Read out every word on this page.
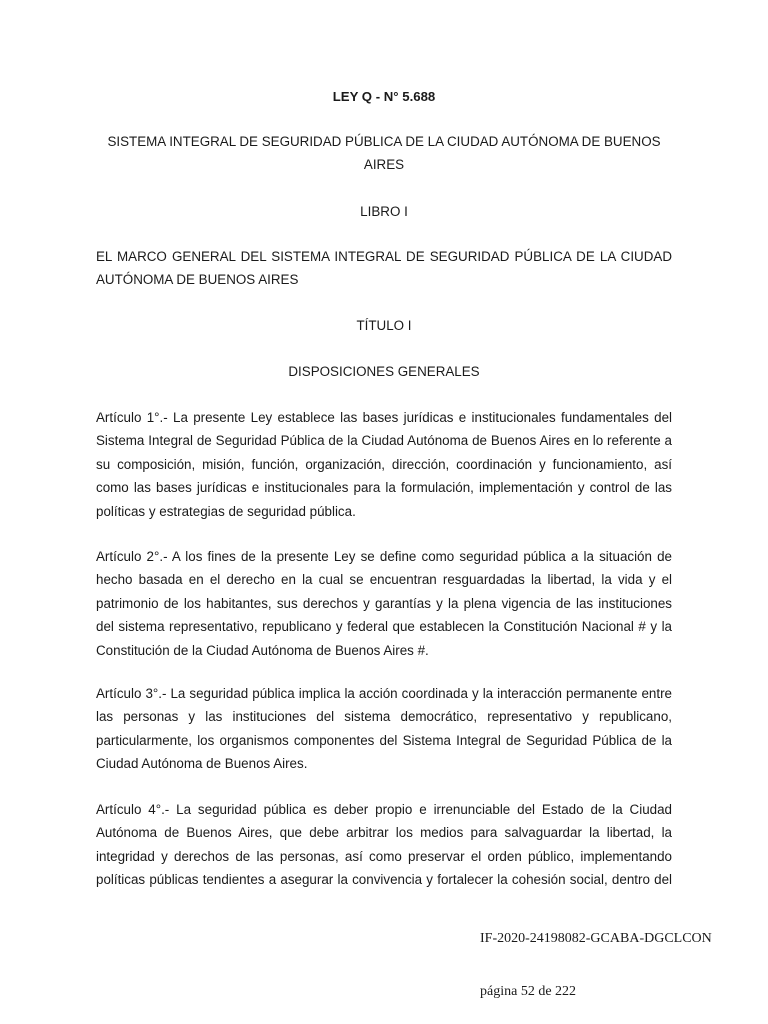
LEY Q - N° 5.688

SISTEMA INTEGRAL DE SEGURIDAD PÚBLICA DE LA CIUDAD AUTÓNOMA DE BUENOS AIRES

LIBRO I

EL MARCO GENERAL DEL SISTEMA INTEGRAL DE SEGURIDAD PÚBLICA DE LA CIUDAD AUTÓNOMA DE BUENOS AIRES

TÍTULO I

DISPOSICIONES GENERALES

Artículo 1°.- La presente Ley establece las bases jurídicas e institucionales fundamentales del Sistema Integral de Seguridad Pública de la Ciudad Autónoma de Buenos Aires en lo referente a su composición, misión, función, organización, dirección, coordinación y funcionamiento, así como las bases jurídicas e institucionales para la formulación, implementación y control de las políticas y estrategias de seguridad pública.

Artículo 2°.- A los fines de la presente Ley se define como seguridad pública a la situación de hecho basada en el derecho en la cual se encuentran resguardadas la libertad, la vida y el patrimonio de los habitantes, sus derechos y garantías y la plena vigencia de las instituciones del sistema representativo, republicano y federal que establecen la Constitución Nacional # y la Constitución de la Ciudad Autónoma de Buenos Aires #.

Artículo 3°.- La seguridad pública implica la acción coordinada y la interacción permanente entre las personas y las instituciones del sistema democrático, representativo y republicano, particularmente, los organismos componentes del Sistema Integral de Seguridad Pública de la Ciudad Autónoma de Buenos Aires.

Artículo 4°.- La seguridad pública es deber propio e irrenunciable del Estado de la Ciudad Autónoma de Buenos Aires, que debe arbitrar los medios para salvaguardar la libertad, la integridad y derechos de las personas, así como preservar el orden público, implementando políticas públicas tendientes a asegurar la convivencia y fortalecer la cohesión social, dentro del

IF-2020-24198082-GCABA-DGCLCON

página 52 de 222
